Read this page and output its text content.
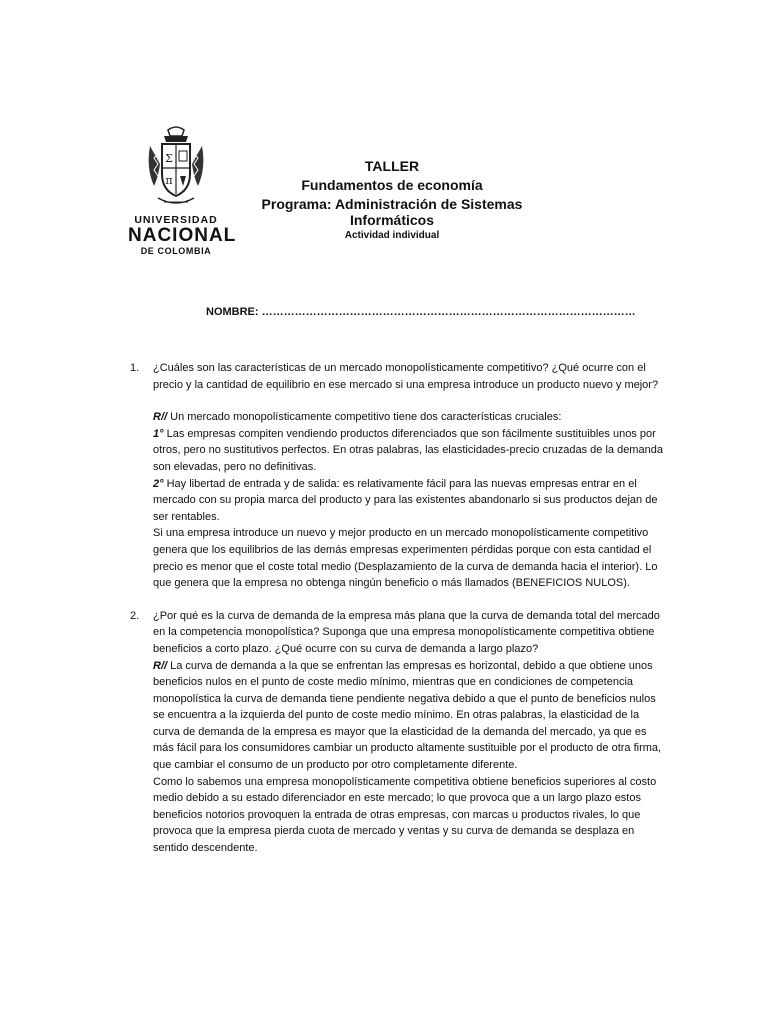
Σ
π
UNIVERSIDAD
NACIONAL
DE COLOMBIA

TALLER

Fundamentos de economía

Programa: Administración de Sistemas Informáticos

Actividad individual

NOMBRE: …………………………………………………………………………………………
1.	¿Cuáles son las características de un mercado monopolísticamente competitivo? ¿Qué ocurre con el precio y la cantidad de equilibrio en ese mercado si una empresa introduce un producto nuevo y mejor?

R// Un mercado monopolísticamente competitivo tiene dos características cruciales:

1° Las empresas compiten vendiendo productos diferenciados que son fácilmente sustituibles unos por otros, pero no sustitutivos perfectos. En otras palabras, las elasticidades-precio cruzadas de la demanda son elevadas, pero no definitivas.

2° Hay libertad de entrada y de salida: es relativamente fácil para las nuevas empresas entrar en el mercado con su propia marca del producto y para las existentes abandonarlo si sus productos dejan de ser rentables.

Si una empresa introduce un nuevo y mejor producto en un mercado monopolísticamente competitivo genera que los equilibrios de las demás empresas experimenten pérdidas porque con esta cantidad el precio es menor que el coste total medio (Desplazamiento de la curva de demanda hacia el interior). Lo que genera que la empresa no obtenga ningún beneficio o más llamados (BENEFICIOS NULOS).

2.	¿Por qué es la curva de demanda de la empresa más plana que la curva de demanda total del mercado en la competencia monopolística? Suponga que una empresa monopolísticamente competitiva obtiene beneficios a corto plazo. ¿Qué ocurre con su curva de demanda a largo plazo?

R// La curva de demanda a la que se enfrentan las empresas es horizontal, debido a que obtiene unos beneficios nulos en el punto de coste medio mínimo, mientras que en condiciones de competencia monopolística la curva de demanda tiene pendiente negativa debido a que el punto de beneficios nulos se encuentra a la izquierda del punto de coste medio mínimo. En otras palabras, la elasticidad de la curva de demanda de la empresa es mayor que la elasticidad de la demanda del mercado, ya que es más fácil para los consumidores cambiar un producto altamente sustituible por el producto de otra firma, que cambiar el consumo de un producto por otro completamente diferente.

Como lo sabemos una empresa monopolísticamente competitiva obtiene beneficios superiores al costo medio debido a su estado diferenciador en este mercado; lo que provoca que a un largo plazo estos beneficios notorios provoquen la entrada de otras empresas, con marcas u productos rivales, lo que provoca que la empresa pierda cuota de mercado y ventas y su curva de demanda se desplaza en sentido descendente.
